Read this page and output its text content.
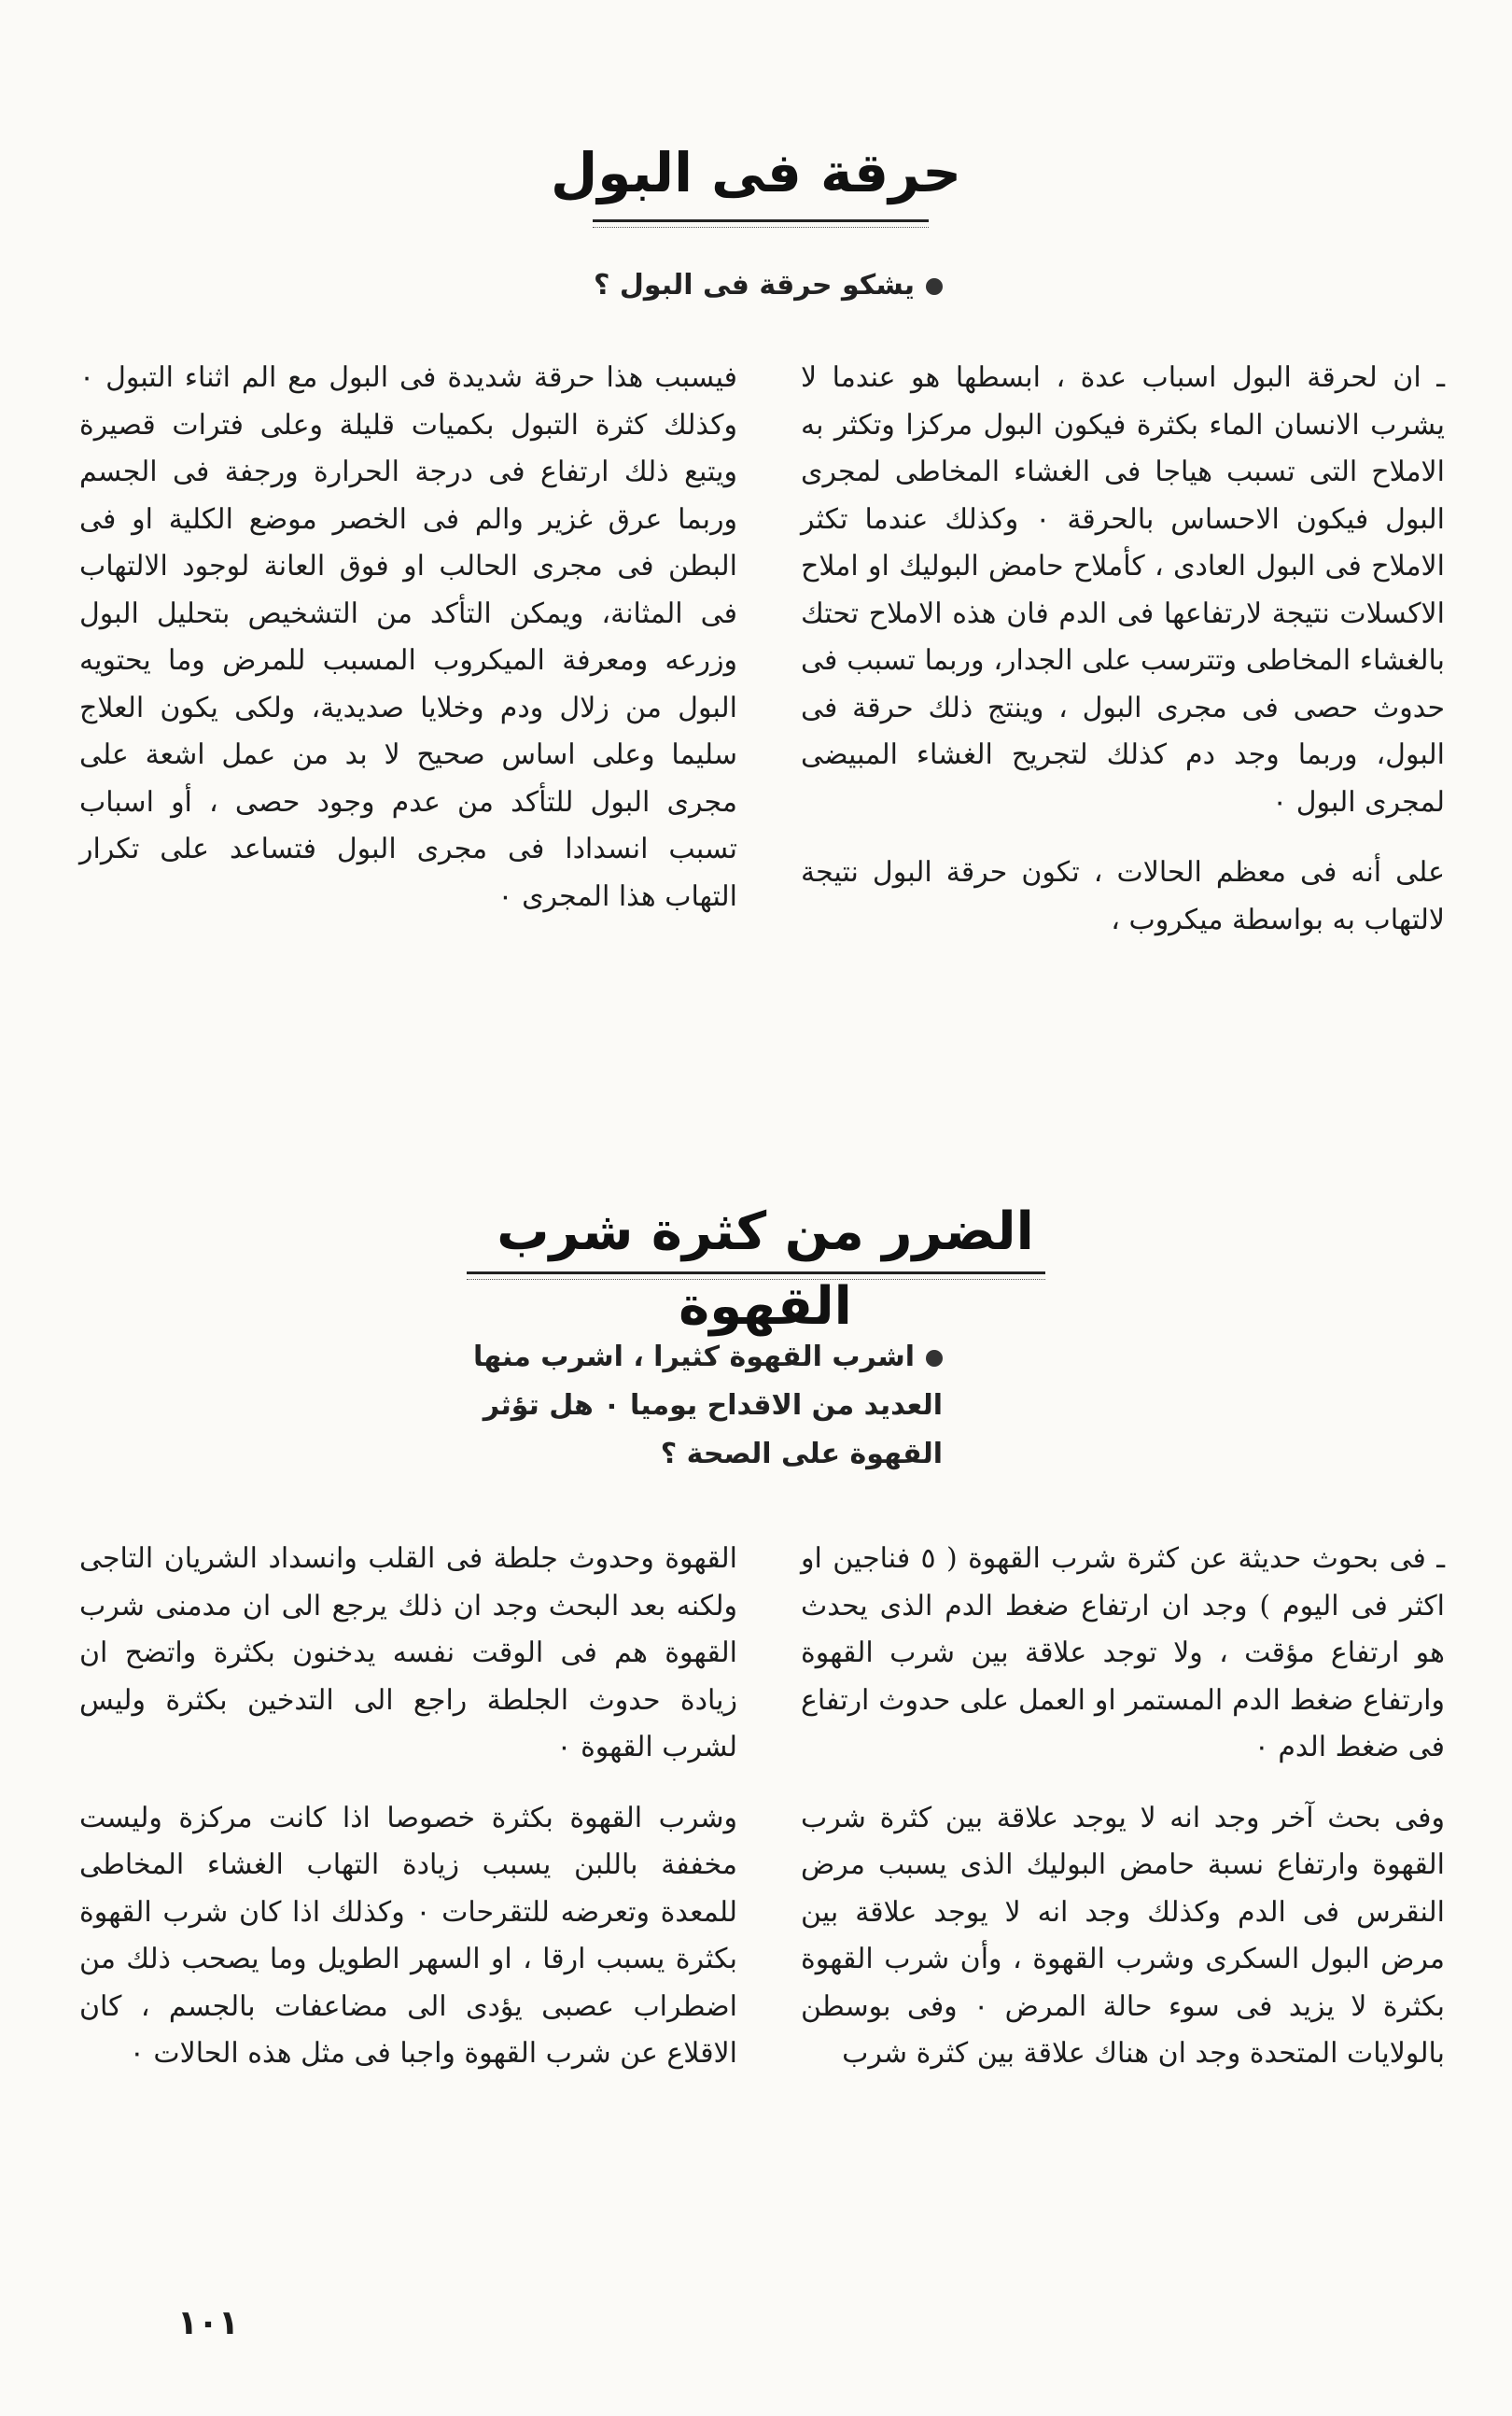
حرقة فى البول

يشكو حرقة فى البول ؟

ـ ان لحرقة البول اسباب عدة ، ابسطها هو عندما لا يشرب الانسان الماء بكثرة فيكون البول مركزا وتكثر به الاملاح التى تسبب هياجا فى الغشاء المخاطى لمجرى البول فيكون الاحساس بالحرقة ۰ وكذلك عندما تكثر الاملاح فى البول العادى ، كأملاح حامض البوليك او املاح الاكسلات نتيجة لارتفاعها فى الدم فان هذه الاملاح تحتك بالغشاء المخاطى وتترسب على الجدار، وربما تسبب فى حدوث حصى فى مجرى البول ، وينتج ذلك حرقة فى البول، وربما وجد دم كذلك لتجريح الغشاء المبيضى لمجرى البول ۰

على أنه فى معظم الحالات ، تكون حرقة البول نتيجة لالتهاب به بواسطة ميكروب ،

فيسبب هذا حرقة شديدة فى البول مع الم اثناء التبول ۰ وكذلك كثرة التبول بكميات قليلة وعلى فترات قصيرة ويتبع ذلك ارتفاع فى درجة الحرارة ورجفة فى الجسم وربما عرق غزير والم فى الخصر موضع الكلية او فى البطن فى مجرى الحالب او فوق العانة لوجود الالتهاب فى المثانة، ويمكن التأكد من التشخيص بتحليل البول وزرعه ومعرفة الميكروب المسبب للمرض وما يحتويه البول من زلال ودم وخلايا صديدية، ولكى يكون العلاج سليما وعلى اساس صحيح لا بد من عمل اشعة على مجرى البول للتأكد من عدم وجود حصى ، أو اسباب تسبب انسدادا فى مجرى البول فتساعد على تكرار التهاب هذا المجرى ۰

الضرر من كثرة شرب القهوة

اشرب القهوة كثيرا ، اشرب منها العديد من الاقداح يوميا ۰ هل تؤثر القهوة على الصحة ؟

ـ فى بحوث حديثة عن كثرة شرب القهوة ( ٥ فناجين او اكثر فى اليوم ) وجد ان ارتفاع ضغط الدم الذى يحدث هو ارتفاع مؤقت ، ولا توجد علاقة بين شرب القهوة وارتفاع ضغط الدم المستمر او العمل على حدوث ارتفاع فى ضغط الدم ۰

وفى بحث آخر وجد انه لا يوجد علاقة بين كثرة شرب القهوة وارتفاع نسبة حامض البوليك الذى يسبب مرض النقرس فى الدم وكذلك وجد انه لا يوجد علاقة بين مرض البول السكرى وشرب القهوة ، وأن شرب القهوة بكثرة لا يزيد فى سوء حالة المرض ۰ وفى بوسطن بالولايات المتحدة وجد ان هناك علاقة بين كثرة شرب

القهوة وحدوث جلطة فى القلب وانسداد الشريان التاجى ولكنه بعد البحث وجد ان ذلك يرجع الى ان مدمنى شرب القهوة هم فى الوقت نفسه يدخنون بكثرة واتضح ان زيادة حدوث الجلطة راجع الى التدخين بكثرة وليس لشرب القهوة ۰

وشرب القهوة بكثرة خصوصا اذا كانت مركزة وليست مخففة باللبن يسبب زيادة التهاب الغشاء المخاطى للمعدة وتعرضه للتقرحات ۰ وكذلك اذا كان شرب القهوة بكثرة يسبب ارقا ، او السهر الطويل وما يصحب ذلك من اضطراب عصبى يؤدى الى مضاعفات بالجسم ، كان الاقلاع عن شرب القهوة واجبا فى مثل هذه الحالات ۰

١٠١
